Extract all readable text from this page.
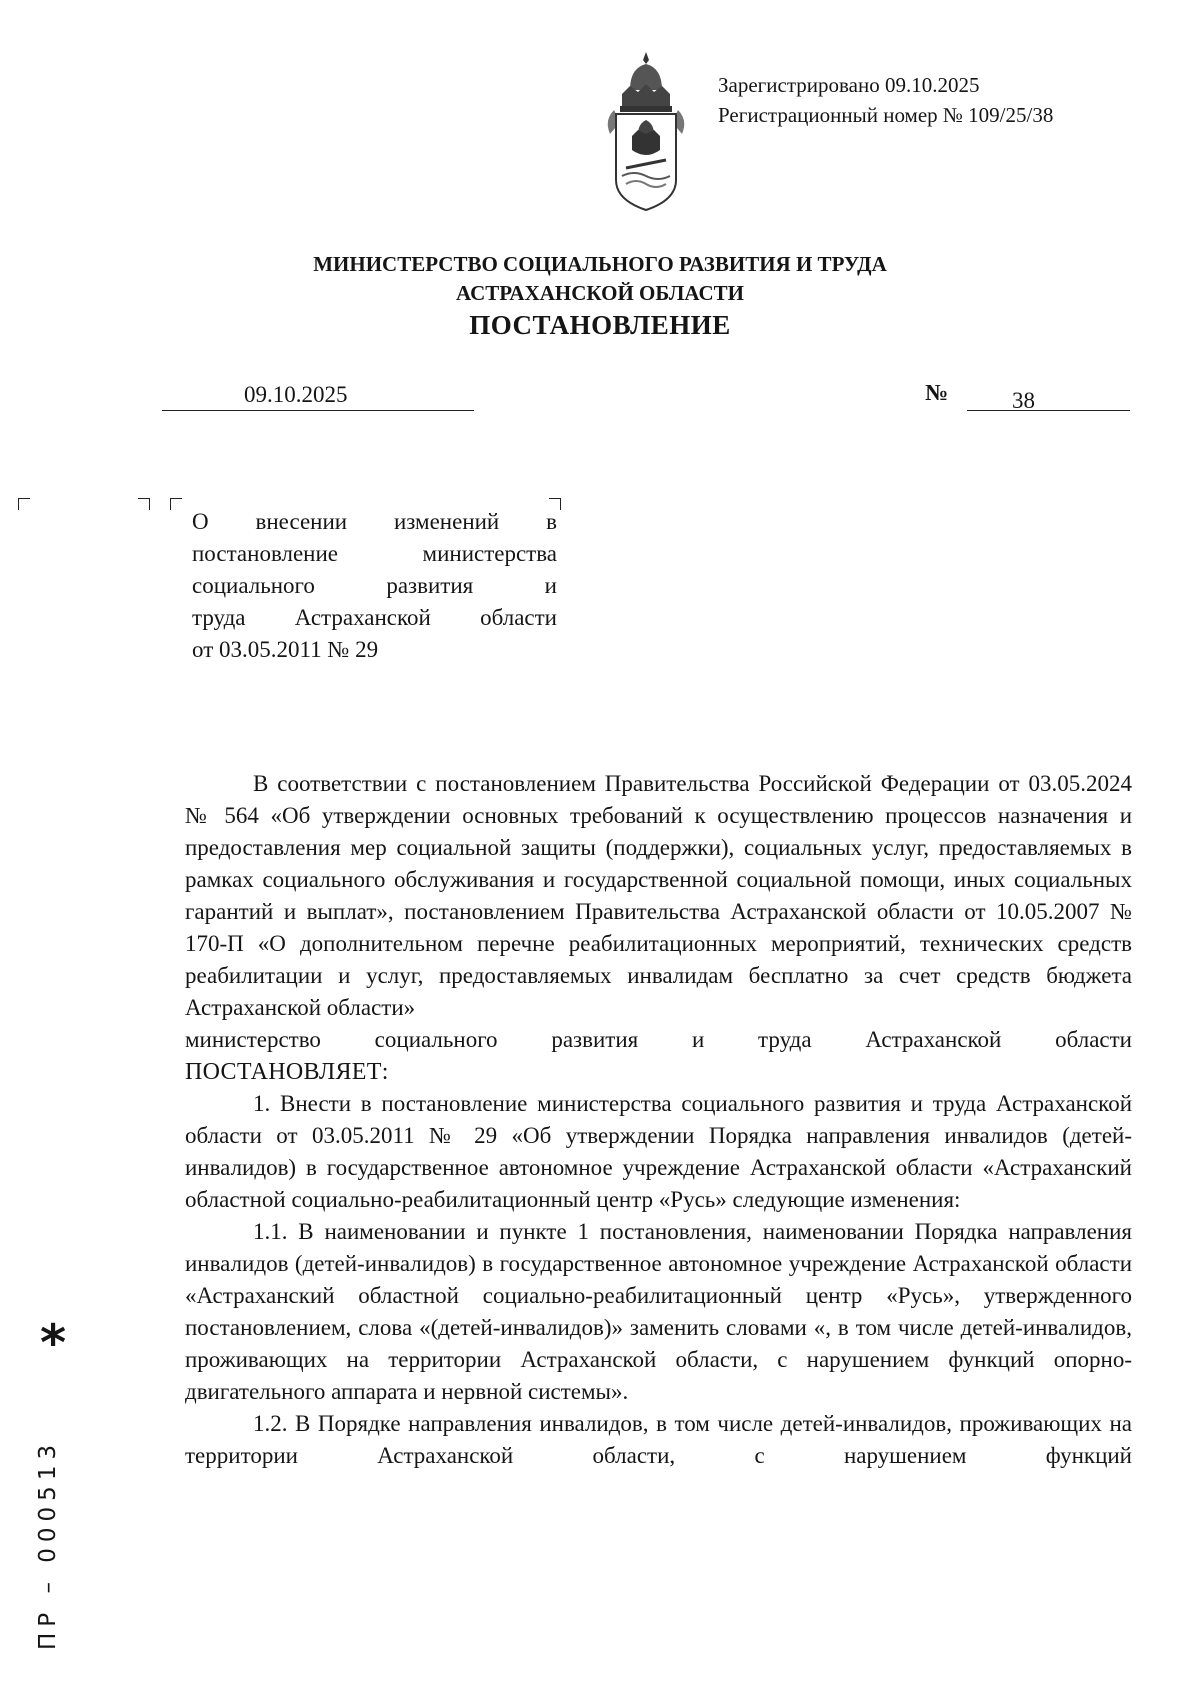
Зарегистрировано 09.10.2025
Регистрационный номер № 109/25/38
МИНИСТЕРСТВО СОЦИАЛЬНОГО РАЗВИТИЯ И ТРУДА
АСТРАХАНСКОЙ ОБЛАСТИ
ПОСТАНОВЛЕНИЕ
09.10.2025	№	38
О внесении изменений в
постановление министерства
социального развития и
труда Астраханской области
от 03.05.2011 № 29

В соответствии с постановлением Правительства Российской Федерации от 03.05.2024 № 564 «Об утверждении основных требований к осуществлению процессов назначения и предоставления мер социальной защиты (поддержки), социальных услуг, предоставляемых в рамках социального обслуживания и государственной социальной помощи, иных социальных гарантий и выплат», постановлением Правительства Астраханской области от 10.05.2007 № 170-П «О дополнительном перечне реабилитационных мероприятий, технических средств реабилитации и услуг, предоставляемых инвалидам бесплатно за счет средств бюджета Астраханской области»

министерство социального развития и труда Астраханской области

ПОСТАНОВЛЯЕТ:

1. Внести в постановление министерства социального развития и труда Астраханской области от 03.05.2011 № 29 «Об утверждении Порядка направления инвалидов (детей-инвалидов) в государственное автономное учреждение Астраханской области «Астраханский областной социально-реабилитационный центр «Русь» следующие изменения:

1.1. В наименовании и пункте 1 постановления, наименовании Порядка направления инвалидов (детей-инвалидов) в государственное автономное учреждение Астраханской области «Астраханский областной социально-реабилитационный центр «Русь», утвержденного постановлением, слова «(детей-инвалидов)» заменить словами «, в том числе детей-инвалидов, проживающих на территории Астраханской области, с нарушением функций опорно-двигательного аппарата и нервной системы».

1.2. В Порядке направления инвалидов, в том числе детей-инвалидов, проживающих на территории Астраханской области, с нарушением функций

*
ПР – 000513
